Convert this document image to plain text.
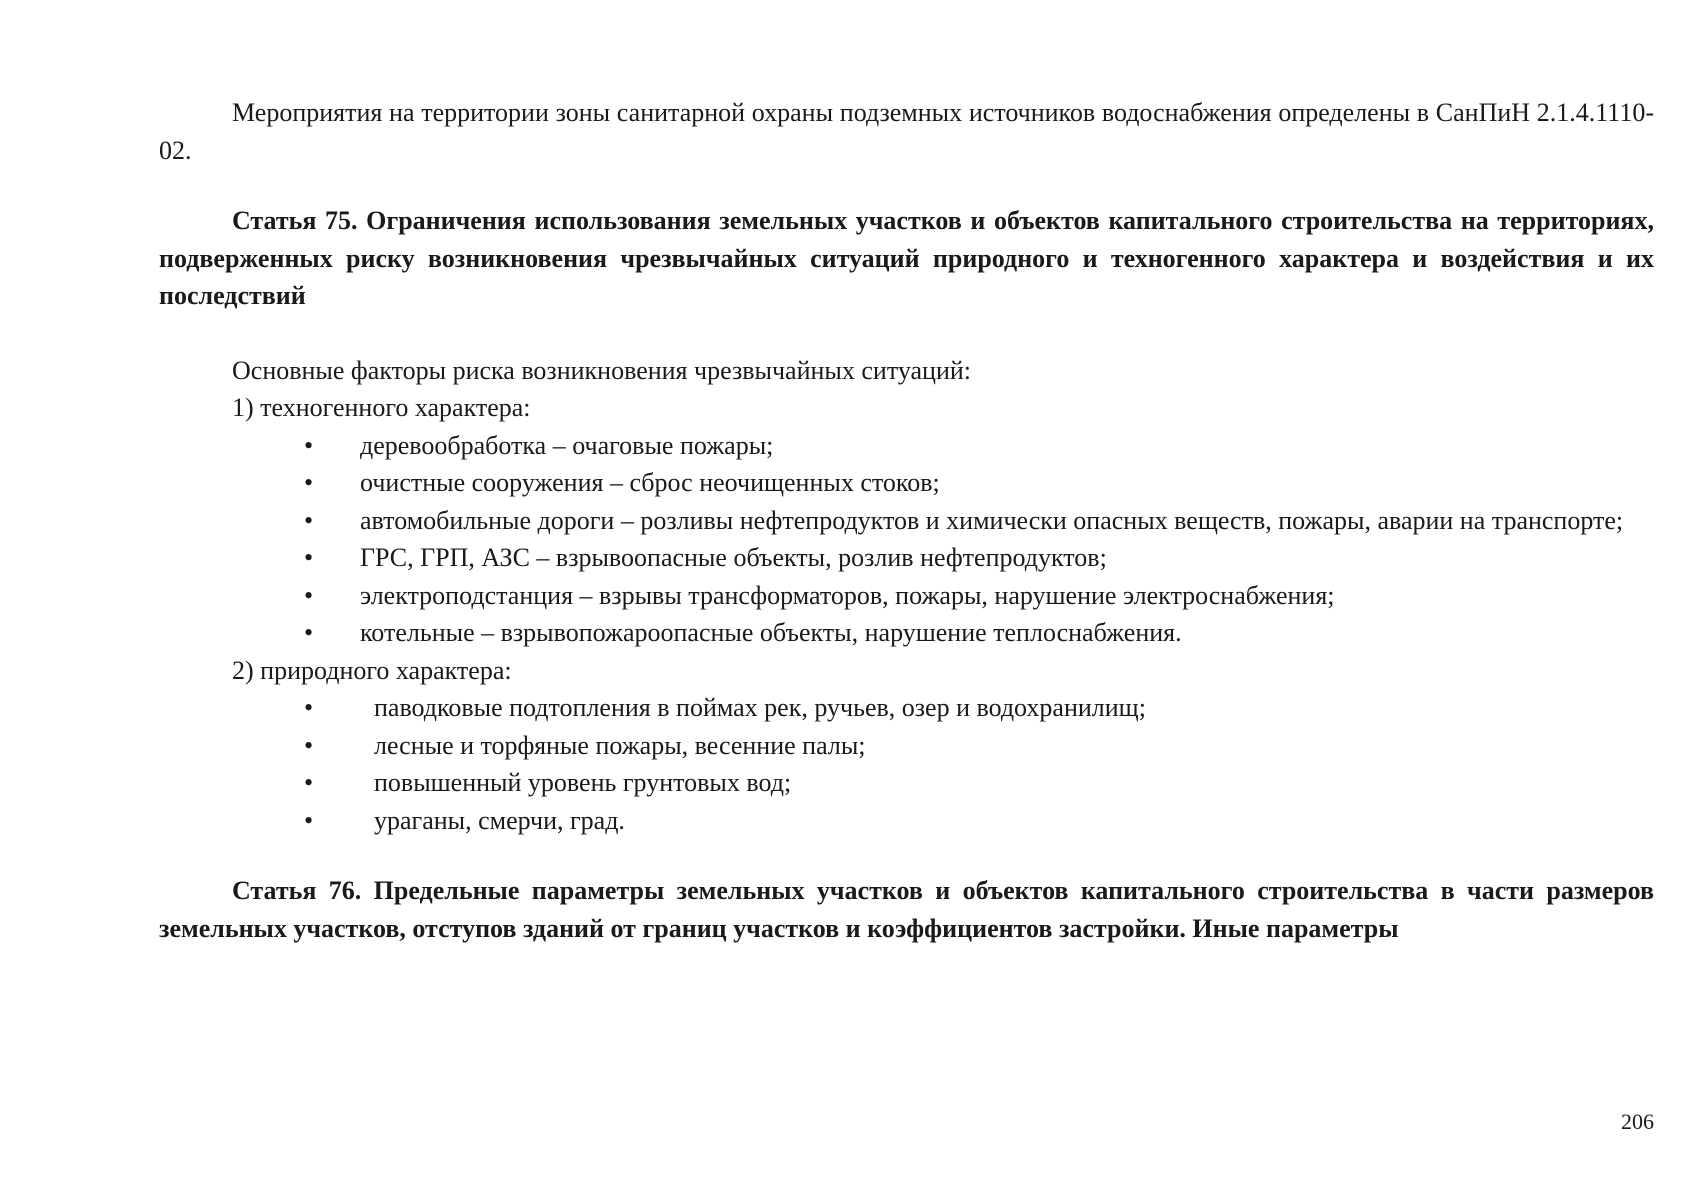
Мероприятия на территории зоны санитарной охраны подземных источников водоснабжения определены в СанПиН 2.1.4.1110-02.

Статья 75. Ограничения использования земельных участков и объектов капитального строительства на территориях, подверженных риску возникновения чрезвычайных ситуаций природного и техногенного характера и воздействия и их последствий

Основные факторы риска возникновения чрезвычайных ситуаций:

1) техногенного характера:

• деревообработка – очаговые пожары;
• очистные сооружения – сброс неочищенных стоков;
• автомобильные дороги – розливы нефтепродуктов и химически опасных веществ, пожары, аварии на транспорте;
• ГРС, ГРП, АЗС – взрывоопасные объекты, розлив нефтепродуктов;
• электроподстанция – взрывы трансформаторов, пожары, нарушение электроснабжения;
• котельные – взрывопожароопасные объекты, нарушение теплоснабжения.

2) природного характера:

• паводковые подтопления в поймах рек, ручьев, озер и водохранилищ;
• лесные и торфяные пожары, весенние палы;
• повышенный уровень грунтовых вод;
• ураганы, смерчи, град.

Статья 76. Предельные параметры земельных участков и объектов капитального строительства в части размеров земельных участков, отступов зданий от границ участков и коэффициентов застройки. Иные параметры

206
